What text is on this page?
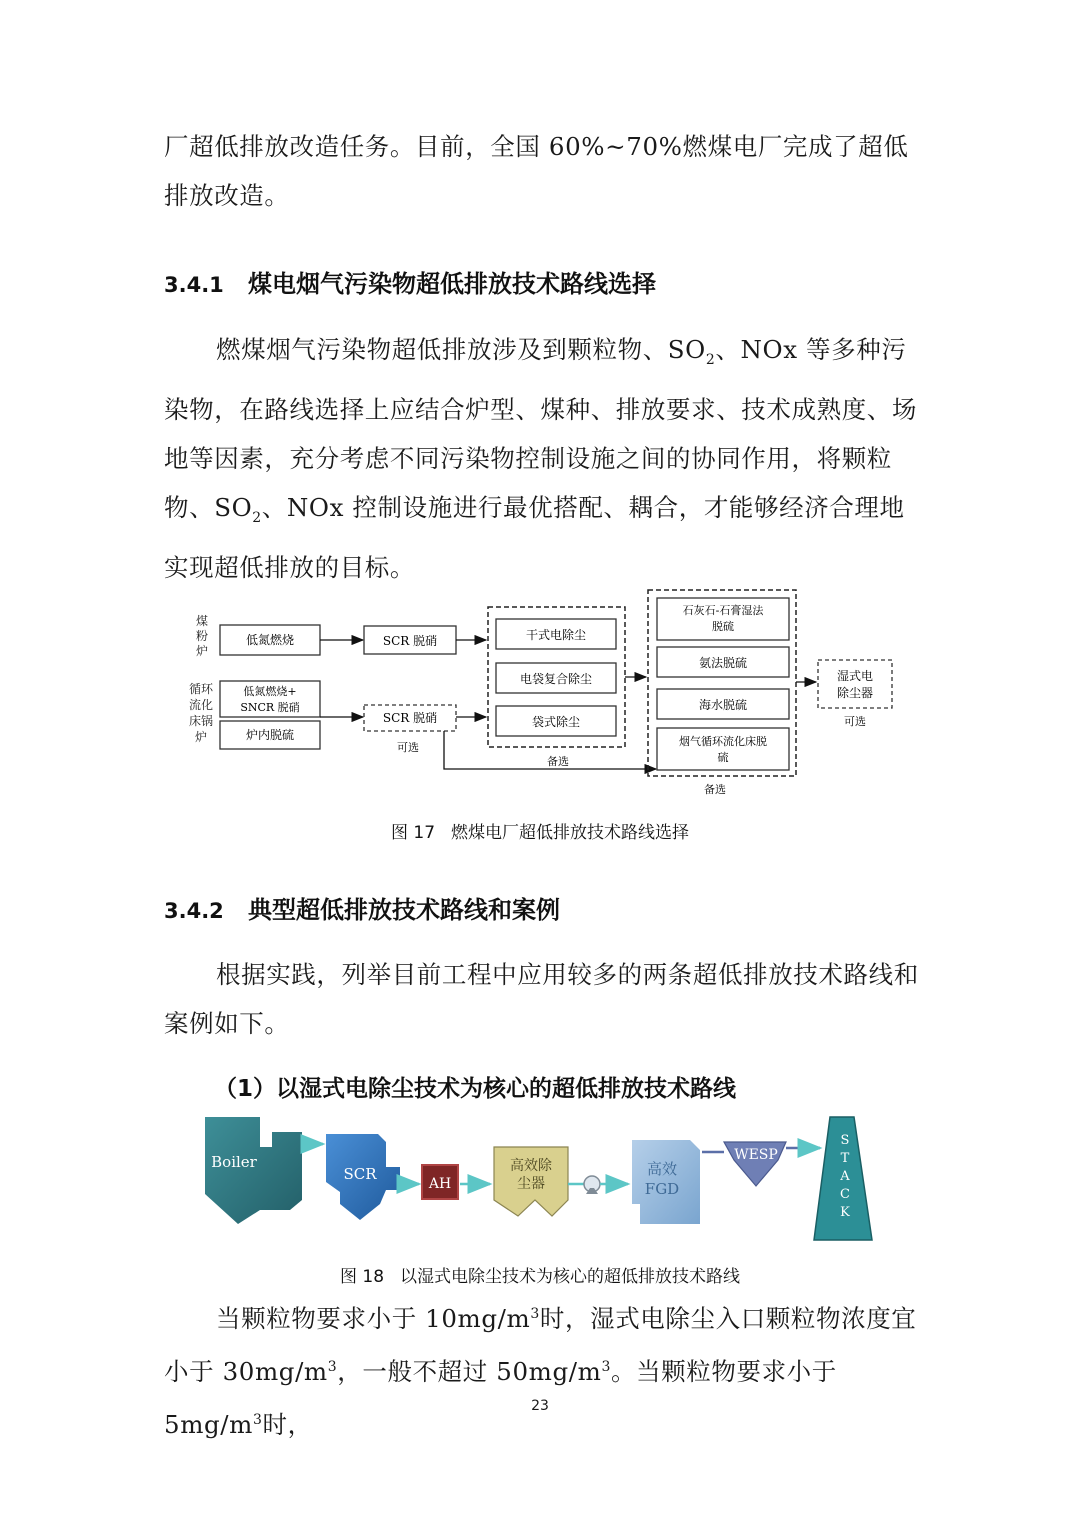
厂超低排放改造任务。目前，全国 60%~70%燃煤电厂完成了超低排放改造。

3.4.1 煤电烟气污染物超低排放技术路线选择

燃煤烟气污染物超低排放涉及到颗粒物、$SO_2$、NOx 等多种污染物，在路线选择上应结合炉型、煤种、排放要求、技术成熟度、场地等因素，充分考虑不同污染物控制设施之间的协同作用，将颗粒物、$SO_2$、NOx 控制设施进行最优搭配、耦合，才能够经济合理地实现超低排放的目标。

煤
粉
炉
循环
流化
床锅
炉
低氮燃烧	SCR 脱硝
低氮燃烧+
SNCR 脱硝
炉内脱硫
SCR 脱硝
可选
干式电除尘
电袋复合除尘
袋式除尘
备选
石灰石-石膏湿法
脱硫
氨法脱硫
海水脱硫
烟气循环流化床脱
硫
备选
湿式电
除尘器
可选

图 17 燃煤电厂超低排放技术路线选择

3.4.2 典型超低排放技术路线和案例

根据实践，列举目前工程中应用较多的两条超低排放技术路线和案例如下。

（1）以湿式电除尘技术为核心的超低排放技术路线

Boiler
SCR
AH
高效除
尘器
高效
FGD
WESP
S
T
A
C
K

图 18 以湿式电除尘技术为核心的超低排放技术路线

当颗粒物要求小于 $10mg/m^3$时，湿式电除尘入口颗粒物浓度宜小于 $30mg/m^3$，一般不超过 $50mg/m^3$。当颗粒物要求小于 $5mg/m^3$时，

23
